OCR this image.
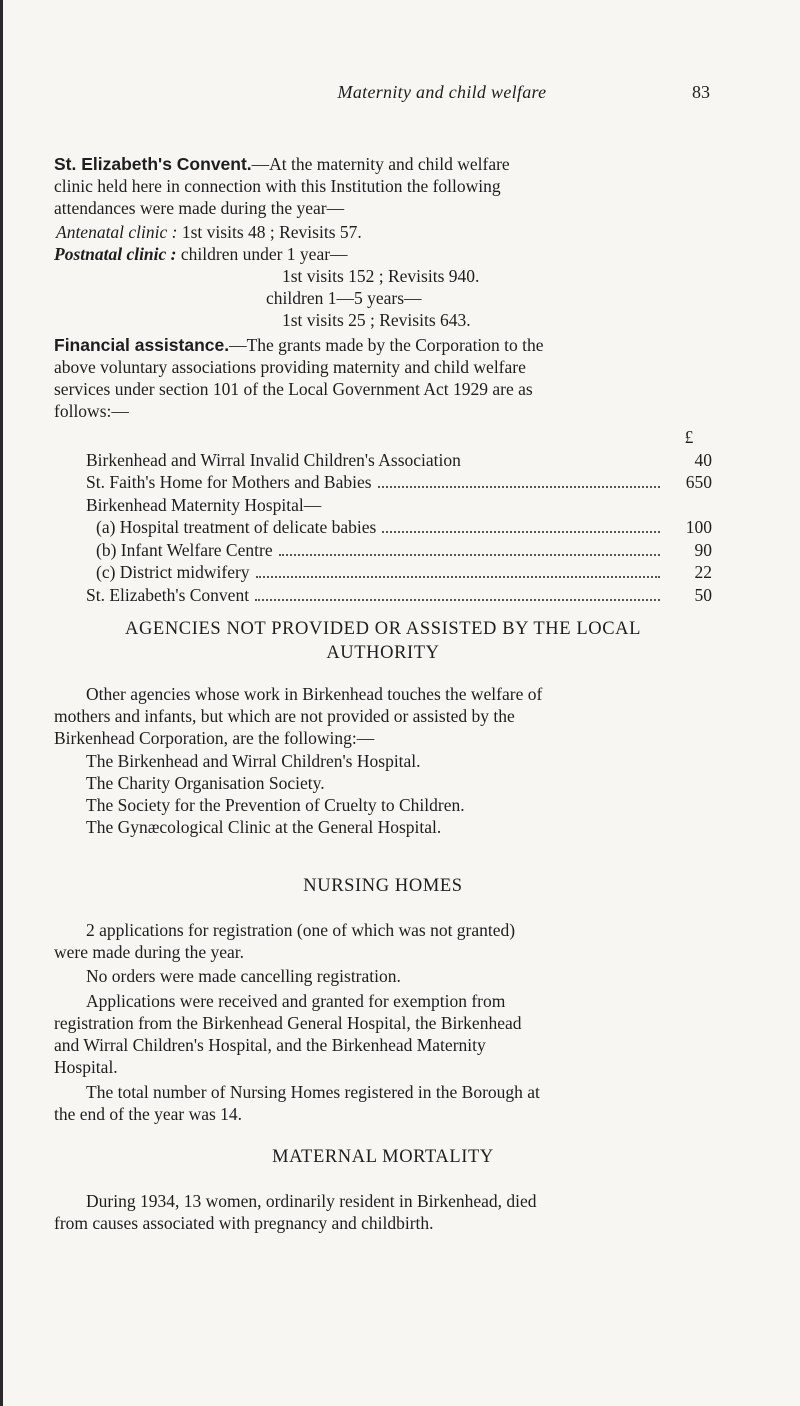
Maternity and child welfare	83
St. Elizabeth's Convent.—At the maternity and child welfare
clinic held here in connection with this Institution the following
attendances were made during the year—
Antenatal clinic : 1st visits 48 ; Revisits 57.
Postnatal clinic : children under 1 year—
1st visits 152 ; Revisits 940.
children 1—5 years—
1st visits 25 ; Revisits 643.
Financial assistance.—The grants made by the Corporation to the
above voluntary associations providing maternity and child welfare
services under section 101 of the Local Government Act 1929 are as
follows:—
£
Birkenhead and Wirral Invalid Children's Association	40
St. Faith's Home for Mothers and Babies	650
Birkenhead Maternity Hospital—
(a) Hospital treatment of delicate babies	100
(b) Infant Welfare Centre	90
(c) District midwifery	22
St. Elizabeth's Convent	50
AGENCIES NOT PROVIDED OR ASSISTED BY THE LOCAL
AUTHORITY
Other agencies whose work in Birkenhead touches the welfare of
mothers and infants, but which are not provided or assisted by the
Birkenhead Corporation, are the following:—
The Birkenhead and Wirral Children's Hospital.
The Charity Organisation Society.
The Society for the Prevention of Cruelty to Children.
The Gynæcological Clinic at the General Hospital.
NURSING HOMES
2 applications for registration (one of which was not granted)
were made during the year.
No orders were made cancelling registration.
Applications were received and granted for exemption from
registration from the Birkenhead General Hospital, the Birkenhead
and Wirral Children's Hospital, and the Birkenhead Maternity
Hospital.
The total number of Nursing Homes registered in the Borough at
the end of the year was 14.
MATERNAL MORTALITY
During 1934, 13 women, ordinarily resident in Birkenhead, died
from causes associated with pregnancy and childbirth.
